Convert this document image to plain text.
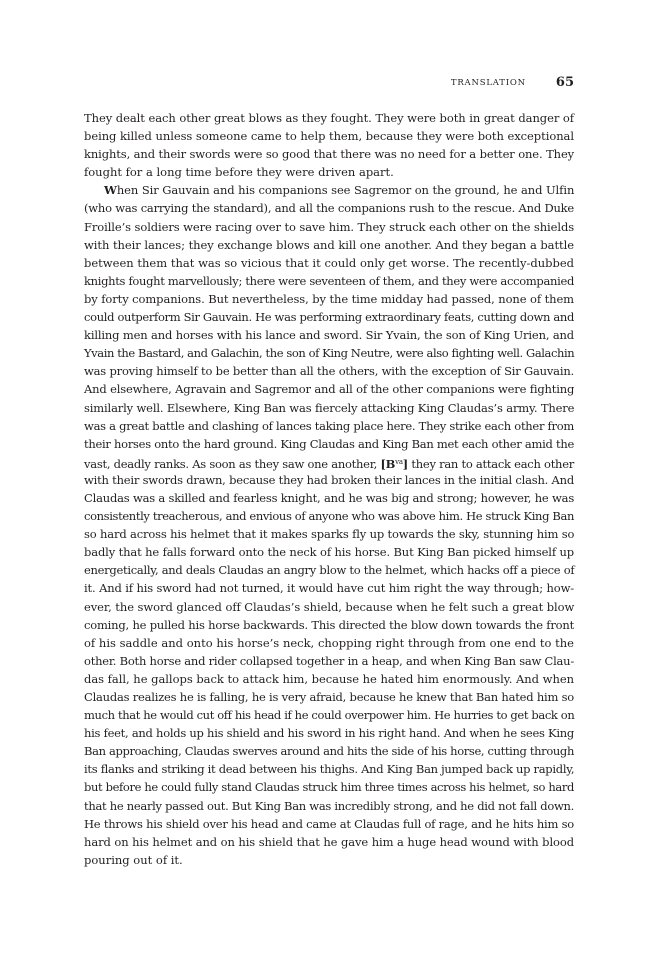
TRANSLATION 65
They dealt each other great blows as they fought. They were both in great danger of
being killed unless someone came to help them, because they were both exceptional
knights, and their swords were so good that there was no need for a better one. They
fought for a long time before they were driven apart.
When Sir Gauvain and his companions see Sagremor on the ground, he and Ulfin
(who was carrying the standard), and all the companions rush to the rescue. And Duke
Froille’s soldiers were racing over to save him. They struck each other on the shields
with their lances; they exchange blows and kill one another. And they began a battle
between them that was so vicious that it could only get worse. The recently-dubbed
knights fought marvellously; there were seventeen of them, and they were accompanied
by forty companions. But nevertheless, by the time midday had passed, none of them
could outperform Sir Gauvain. He was performing extraordinary feats, cutting down and
killing men and horses with his lance and sword. Sir Yvain, the son of King Urien, and
Yvain the Bastard, and Galachin, the son of King Neutre, were also fighting well. Galachin
was proving himself to be better than all the others, with the exception of Sir Gauvain.
And elsewhere, Agravain and Sagremor and all of the other companions were fighting
similarly well. Elsewhere, King Ban was fiercely attacking King Claudas’s army. There
was a great battle and clashing of lances taking place here. They strike each other from
their horses onto the hard ground. King Claudas and King Ban met each other amid the
vast, deadly ranks. As soon as they saw one another, $[B^{va}]$ they ran to attack each other
with their swords drawn, because they had broken their lances in the initial clash. And
Claudas was a skilled and fearless knight, and he was big and strong; however, he was
consistently treacherous, and envious of anyone who was above him. He struck King Ban
so hard across his helmet that it makes sparks fly up towards the sky, stunning him so
badly that he falls forward onto the neck of his horse. But King Ban picked himself up
energetically, and deals Claudas an angry blow to the helmet, which hacks off a piece of
it. And if his sword had not turned, it would have cut him right the way through; how-
ever, the sword glanced off Claudas’s shield, because when he felt such a great blow
coming, he pulled his horse backwards. This directed the blow down towards the front
of his saddle and onto his horse’s neck, chopping right through from one end to the
other. Both horse and rider collapsed together in a heap, and when King Ban saw Clau-
das fall, he gallops back to attack him, because he hated him enormously. And when
Claudas realizes he is falling, he is very afraid, because he knew that Ban hated him so
much that he would cut off his head if he could overpower him. He hurries to get back on
his feet, and holds up his shield and his sword in his right hand. And when he sees King
Ban approaching, Claudas swerves around and hits the side of his horse, cutting through
its flanks and striking it dead between his thighs. And King Ban jumped back up rapidly,
but before he could fully stand Claudas struck him three times across his helmet, so hard
that he nearly passed out. But King Ban was incredibly strong, and he did not fall down.
He throws his shield over his head and came at Claudas full of rage, and he hits him so
hard on his helmet and on his shield that he gave him a huge head wound with blood
pouring out of it.
